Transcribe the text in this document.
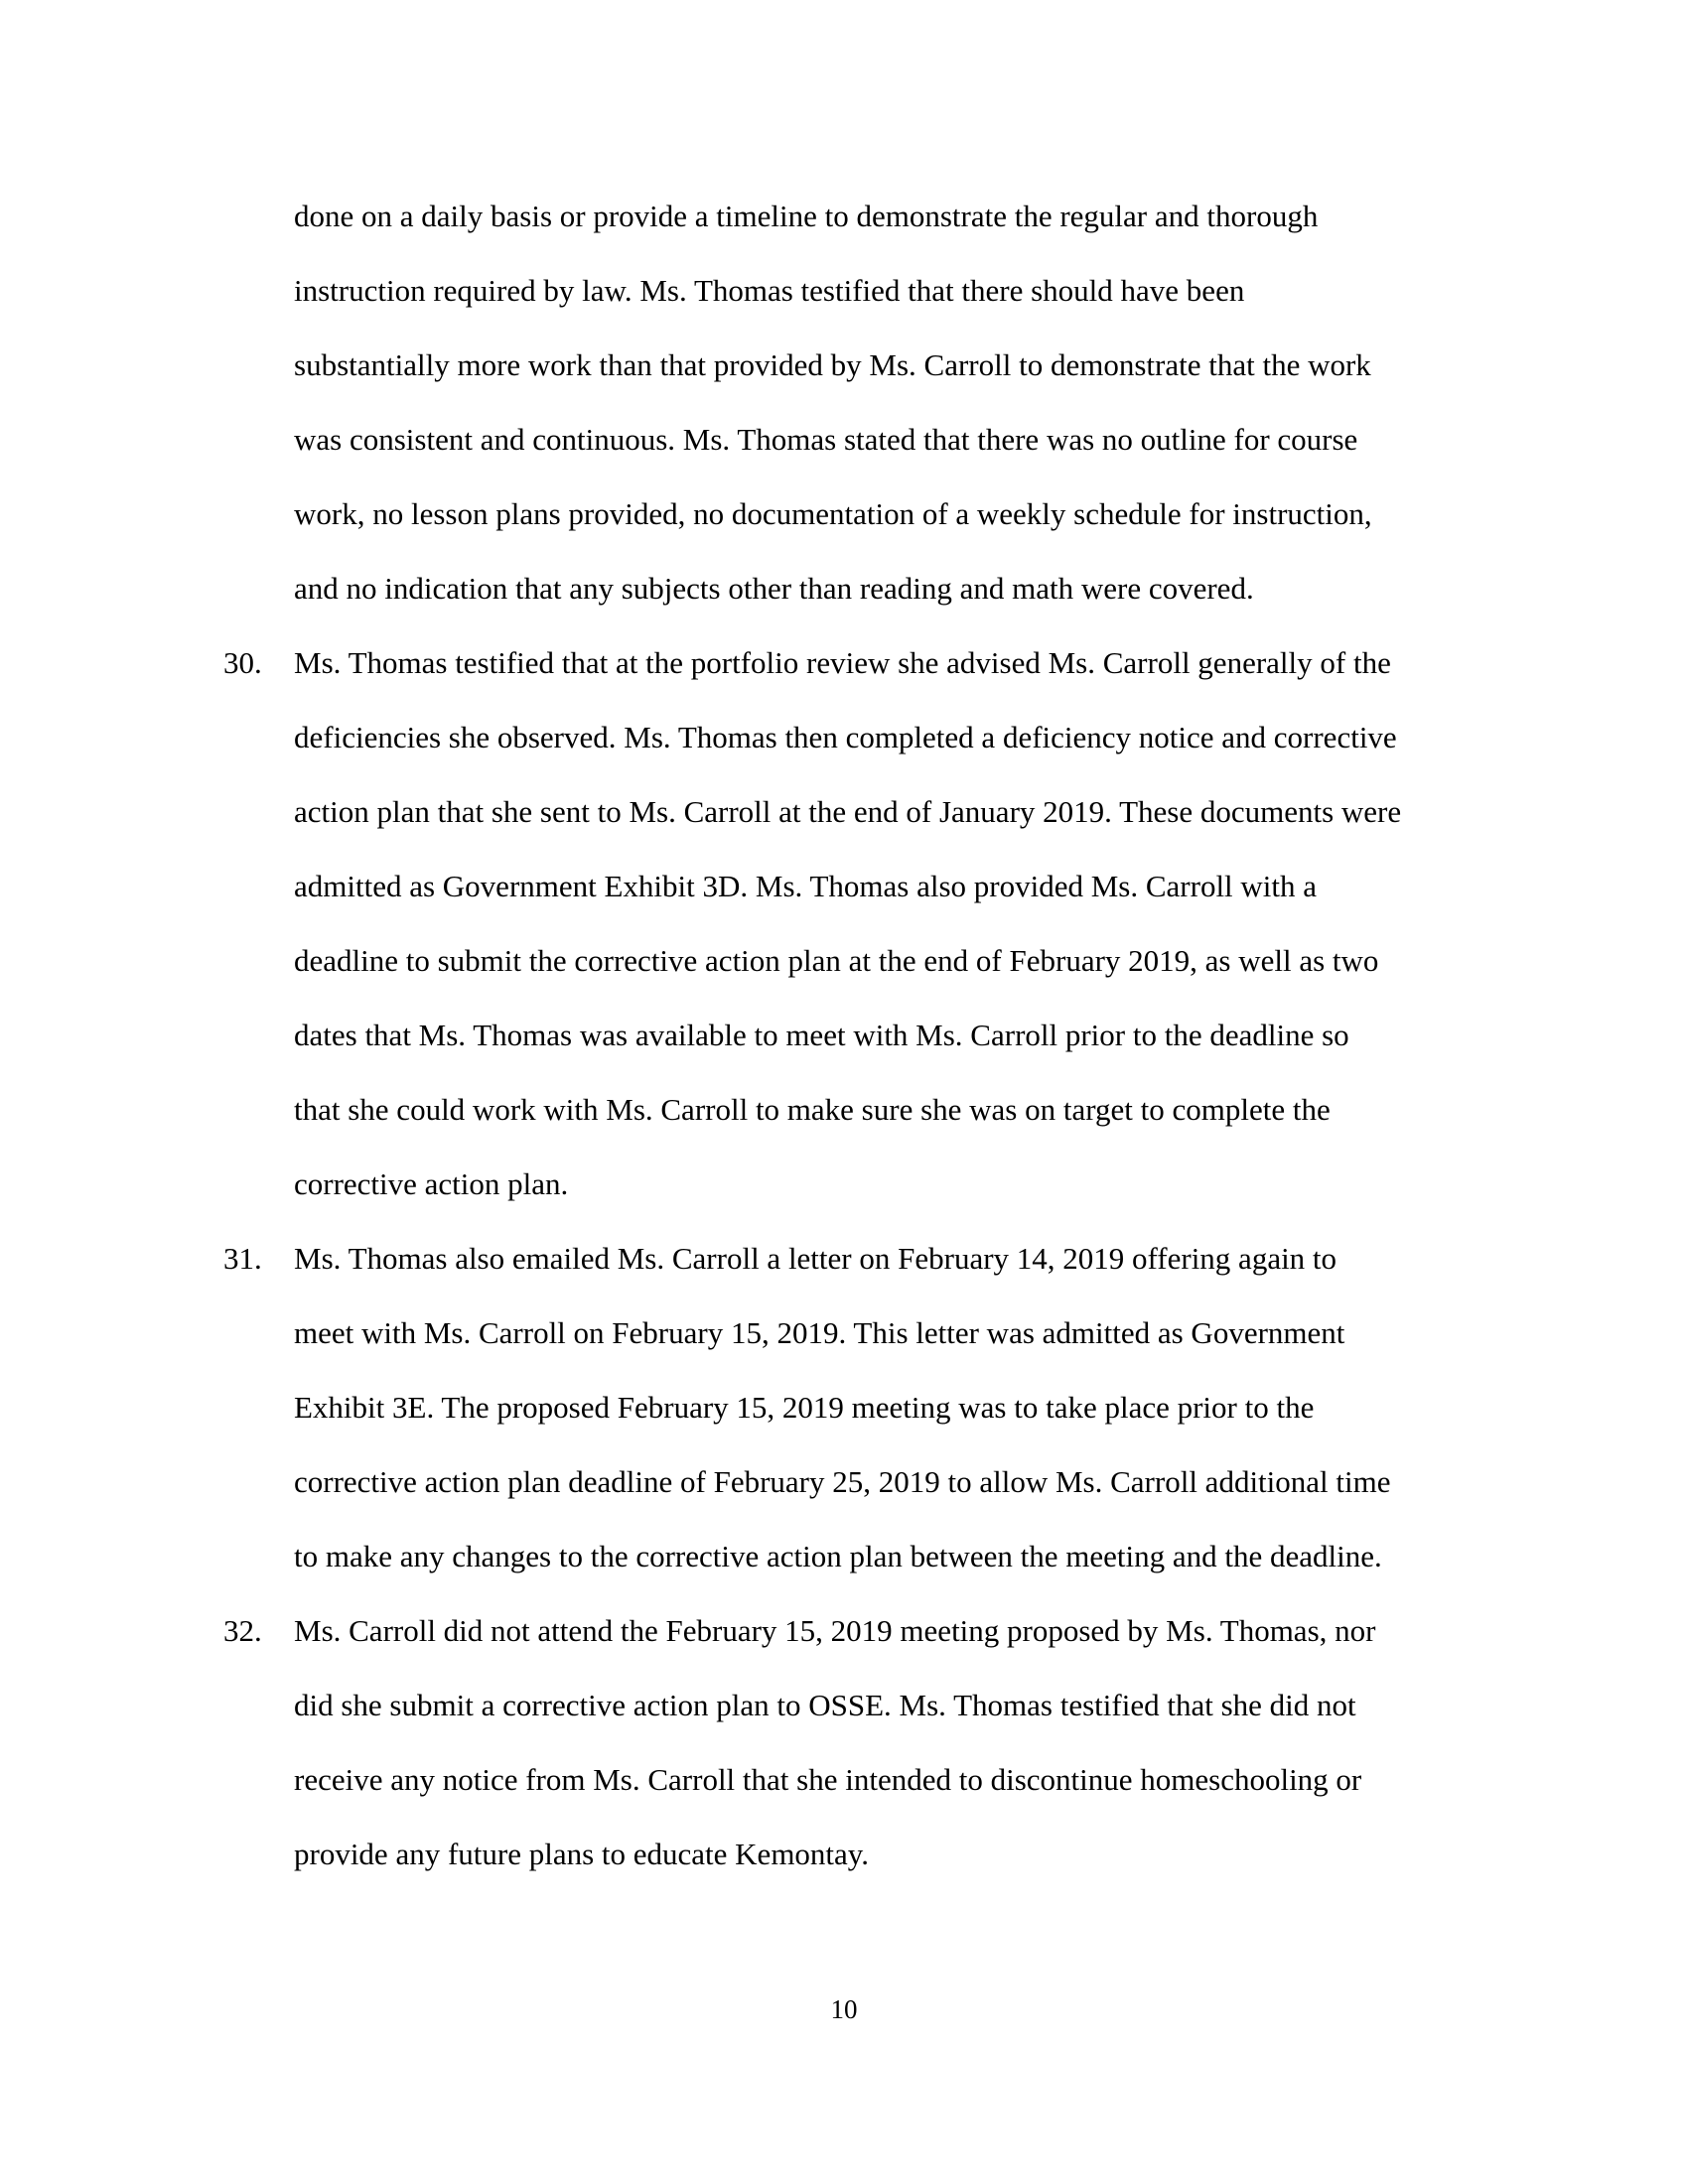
done on a daily basis or provide a timeline to demonstrate the regular and thorough

instruction required by law. Ms. Thomas testified that there should have been

substantially more work than that provided by Ms. Carroll to demonstrate that the work

was consistent and continuous. Ms. Thomas stated that there was no outline for course

work, no lesson plans provided, no documentation of a weekly schedule for instruction,

and no indication that any subjects other than reading and math were covered.

30. Ms. Thomas testified that at the portfolio review she advised Ms. Carroll generally of the

deficiencies she observed. Ms. Thomas then completed a deficiency notice and corrective

action plan that she sent to Ms. Carroll at the end of January 2019. These documents were

admitted as Government Exhibit 3D. Ms. Thomas also provided Ms. Carroll with a

deadline to submit the corrective action plan at the end of February 2019, as well as two

dates that Ms. Thomas was available to meet with Ms. Carroll prior to the deadline so

that she could work with Ms. Carroll to make sure she was on target to complete the

corrective action plan.

31. Ms. Thomas also emailed Ms. Carroll a letter on February 14, 2019 offering again to

meet with Ms. Carroll on February 15, 2019. This letter was admitted as Government

Exhibit 3E. The proposed February 15, 2019 meeting was to take place prior to the

corrective action plan deadline of February 25, 2019 to allow Ms. Carroll additional time

to make any changes to the corrective action plan between the meeting and the deadline.

32. Ms. Carroll did not attend the February 15, 2019 meeting proposed by Ms. Thomas, nor

did she submit a corrective action plan to OSSE. Ms. Thomas testified that she did not

receive any notice from Ms. Carroll that she intended to discontinue homeschooling or

provide any future plans to educate Kemontay.

10
